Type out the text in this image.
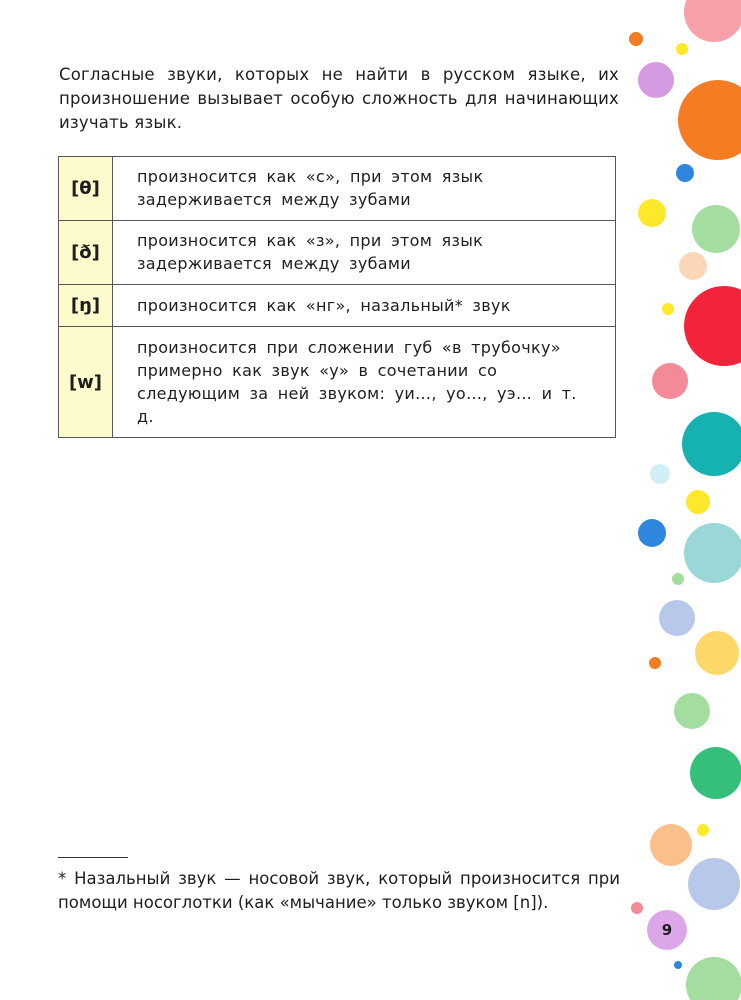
Согласные звуки, которых не найти в русском языке, их произношение вызывает особую сложность для начинающих изучать язык.

[θ]	произносится как «с», при этом язык задерживается между зубами
[ð]	произносится как «з», при этом язык задерживается между зубами
[ŋ]	произносится как «нг», назальный* звук
[w]	произносится при сложении губ «в трубочку» примерно как звук «у» в сочетании со следующим за ней звуком: уи…, уо…, уэ… и т. д.

* Назальный звук — носовой звук, который произносится при помощи носоглотки (как «мычание» только звуком [n]).

9
